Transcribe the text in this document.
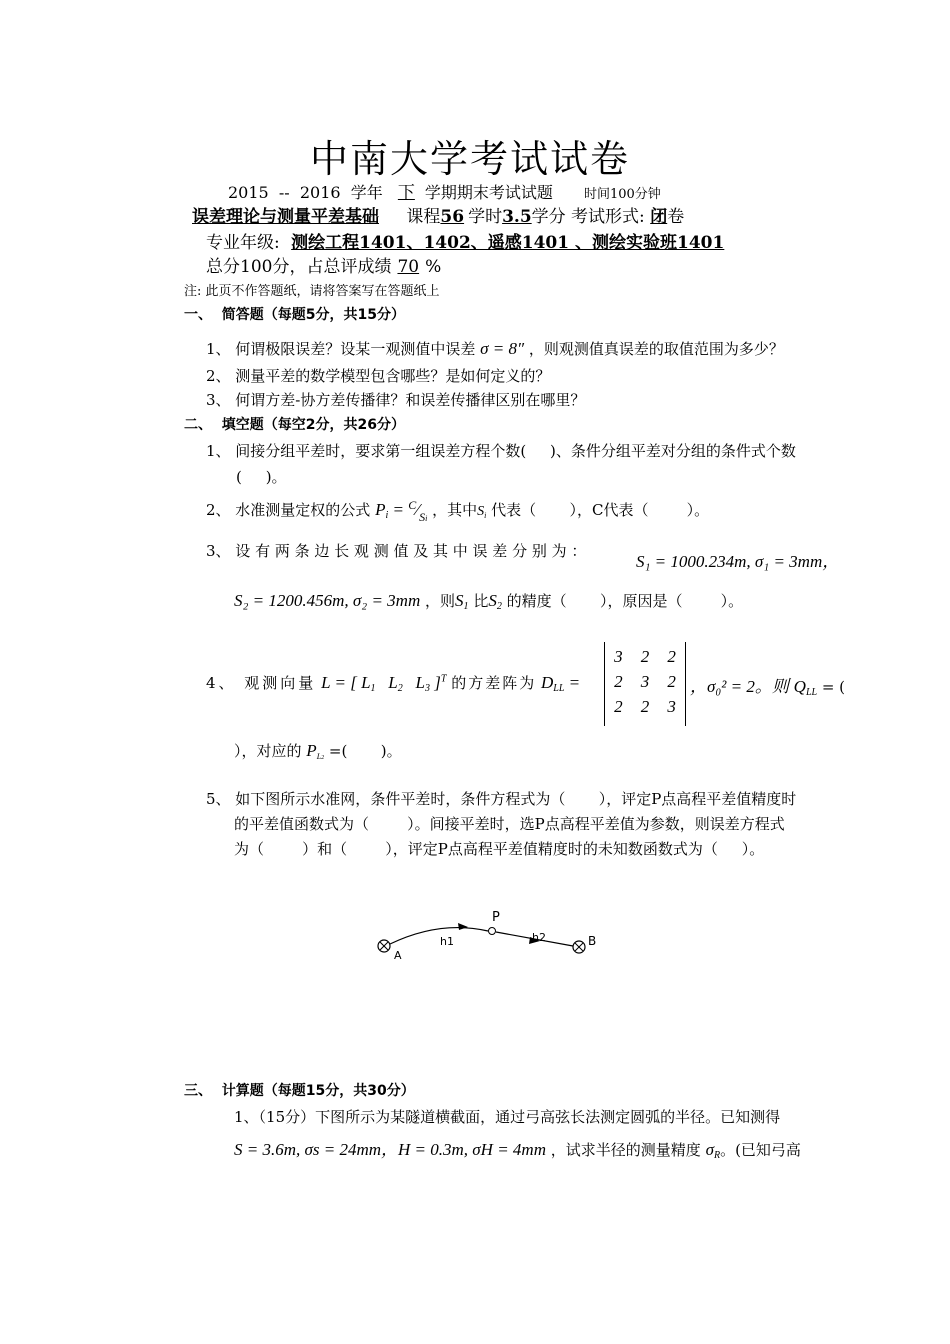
中南大学考试试卷
2015  --  2016  学年 下 学期期末考试试题 时间100分钟
误差理论与测量平差基础 课程56 学时3.5学分 考试形式: 闭卷
专业年级: 测绘工程1401、1402、遥感1401 、测绘实验班1401
总分100分，占总评成绩 70 %
注: 此页不作答题纸，请将答案写在答题纸上
一、  简答题（每题5分，共15分）
1、 何谓极限误差？设某一观测值中误差 σ = 8″ ，则观测值真误差的取值范围为多少？
2、 测量平差的数学模型包含哪些？是如何定义的？
3、 何谓方差-协方差传播律？和误差传播律区别在哪里？
二、  填空题（每空2分，共26分）
1、 间接分组平差时，要求第一组误差方程个数(     )、条件分组平差对分组的条件式个数
(     )。
2、 水准测量定权的公式 $P_i$ = $^C⁄_{Si}$ ，其中$S_i$ 代表（       ），C代表（        ）。
3、 设 有 两 条 边 长 观 测 值 及 其 中 误 差 分 别 为 ：
S₁ = 1000.234m, σ₁ = 3mm，
S₂ = 1200.456m, σ₂ = 3mm ，则$S_1$ 比$S_2$ 的精度（       ），原因是（        ）。
4、 观测向量 L = [ $L_1$   $L_2$   $L_3$ ]$^T$ 的方差阵为 $D_{LL}$ =
3 2 2
2 3 2
2 2 3
，σ₀² = 2。则 $Q_{LL}$ = (
），对应的 $P_{L2}$ =(       )。
5、 如下图所示水准网，条件平差时，条件方程式为（       ），评定P点高程平差值精度时
的平差值函数式为（        ）。间接平差时，选P点高程平差值为参数，则误差方程式
为（        ）和（        ），评定P点高程平差值精度时的未知数函数式为（     ）。
A
h1
P
h2	B
三、  计算题（每题15分，共30分）
1、（15分）下图所示为某隧道横截面，通过弓高弦长法测定圆弧的半径。已知测得
S = 3.6m, σs = 24mm，H = 0.3m, σH = 4mm ，试求半径的测量精度 $\sigma_R$。(已知弓高
